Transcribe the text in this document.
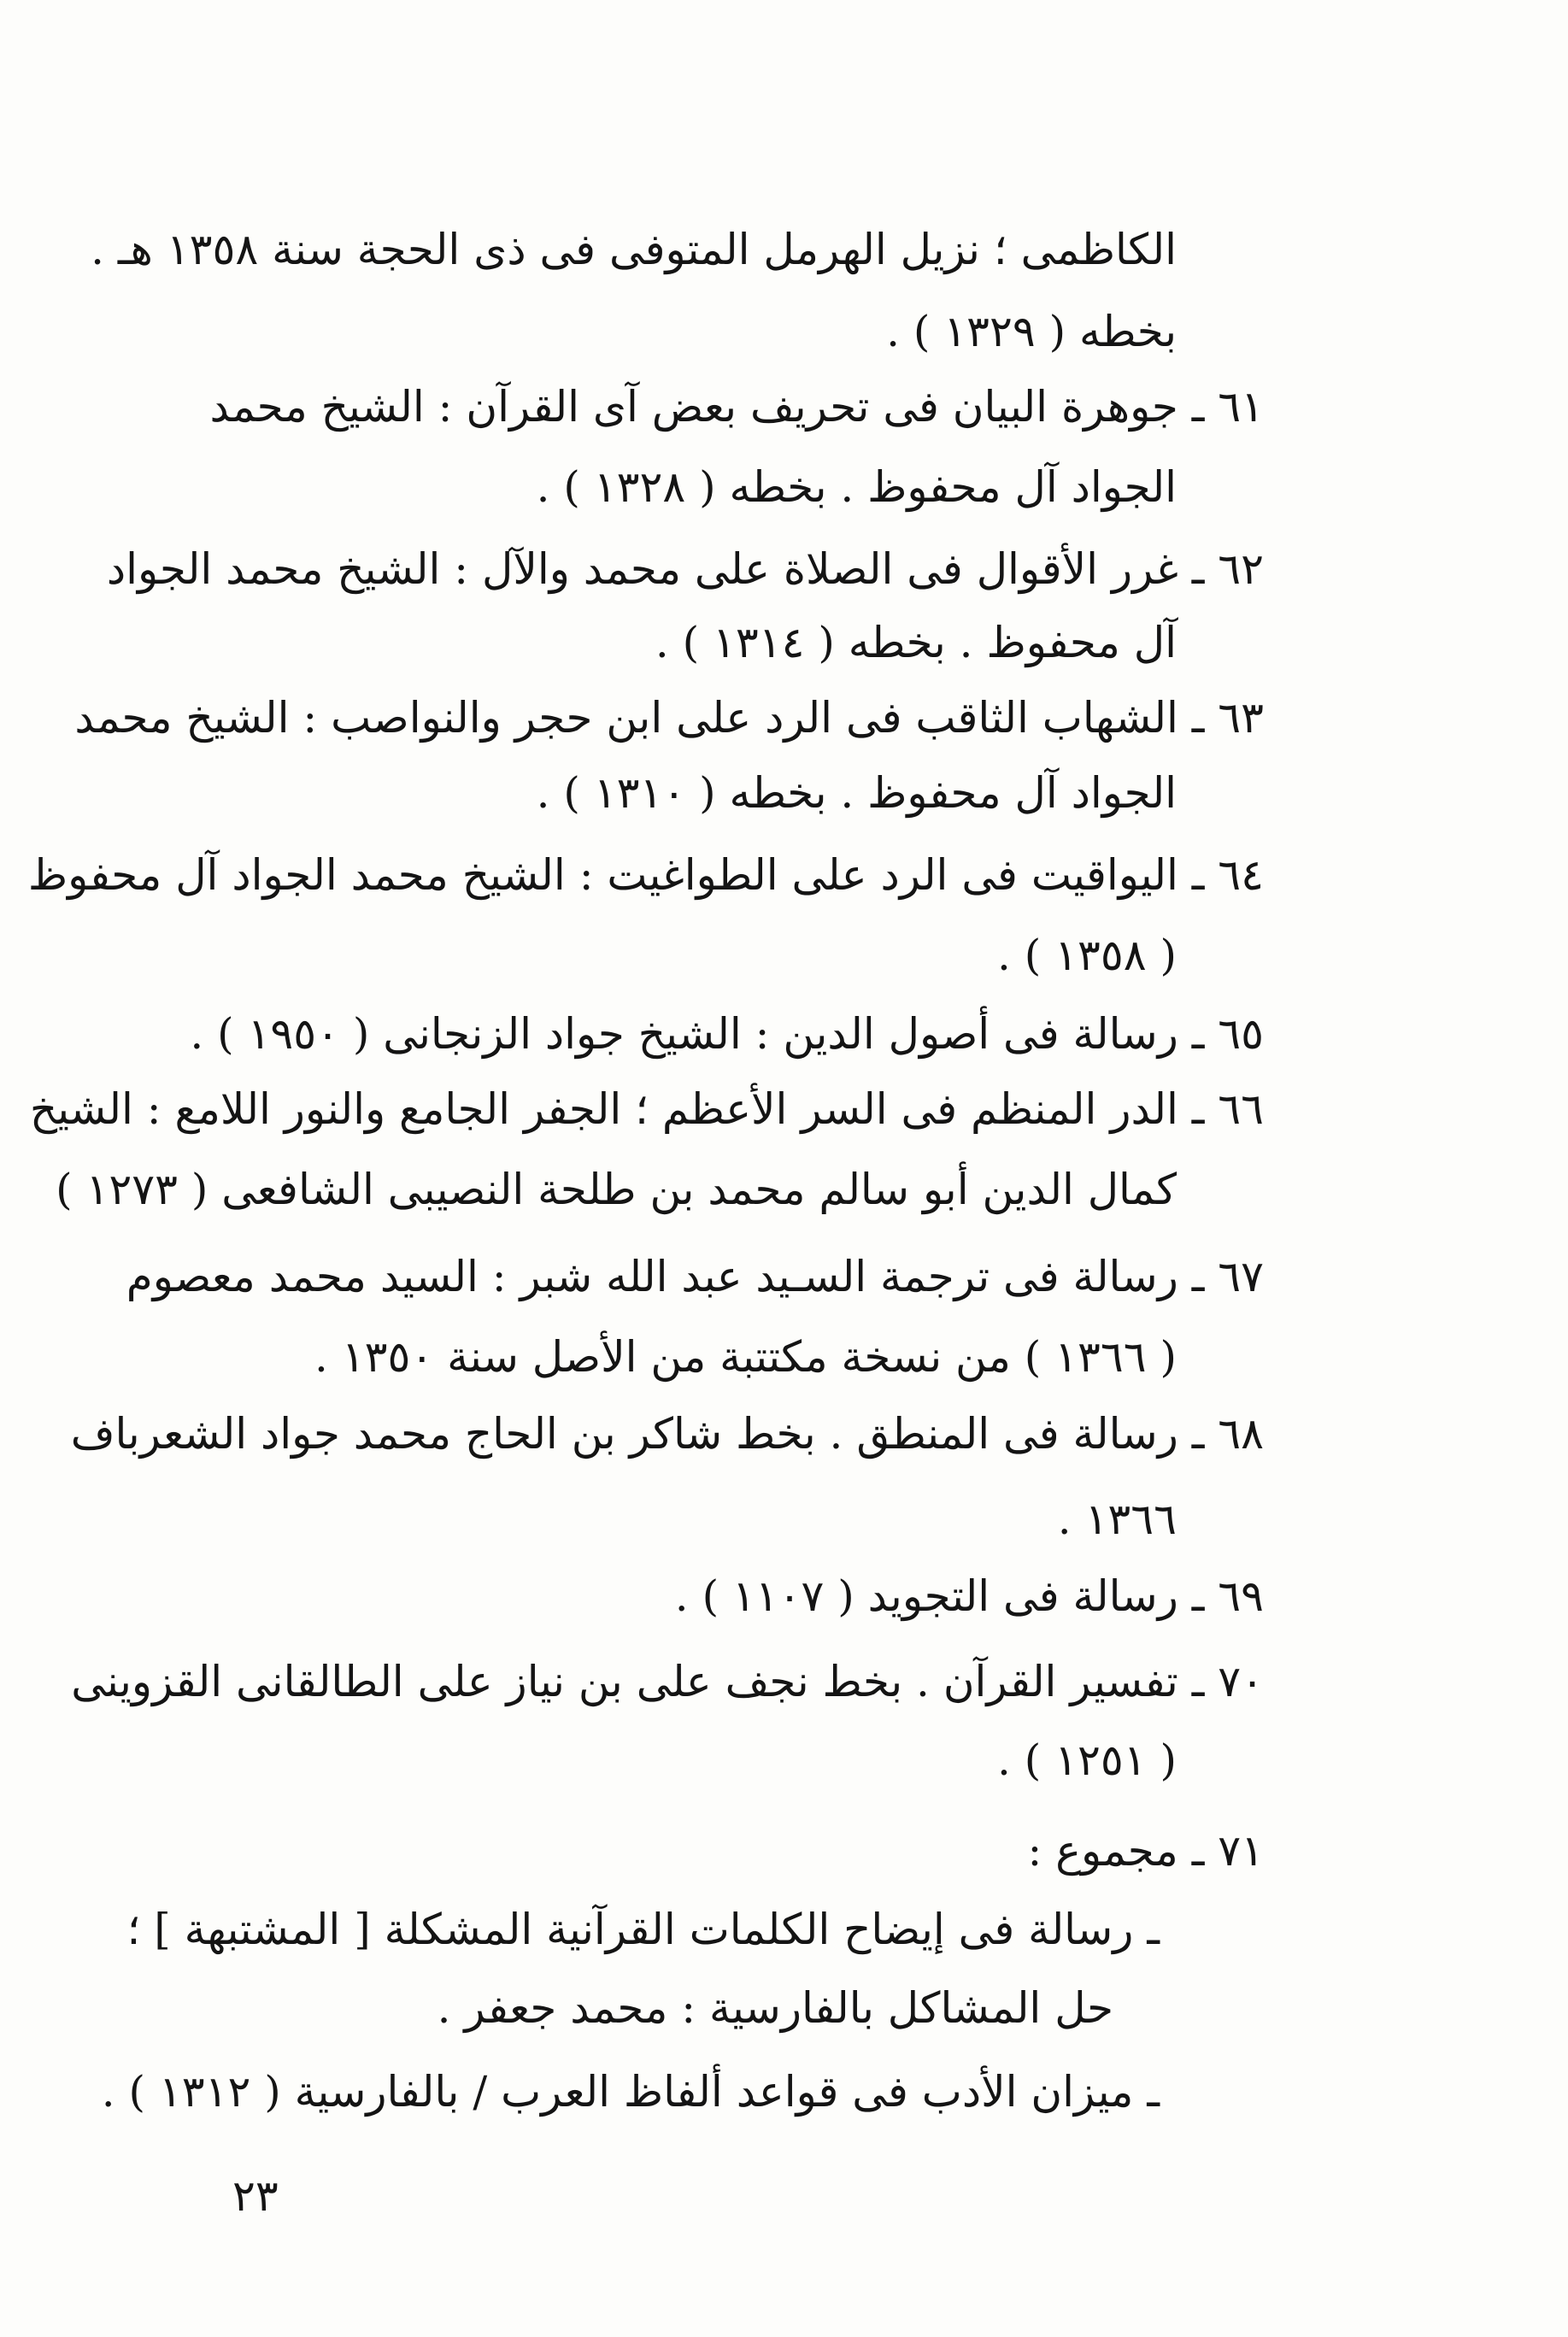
الكاظمى ؛ نزيل الهرمل المتوفى فى ذى الحجة سنة ١٣٥٨ هـ .
بخطه ( ١٣٢٩ ) .
٦١ ـ جوهرة البيان فى تحريف بعض آى القرآن : الشيخ محمد
الجواد آل محفوظ . بخطه ( ١٣٢٨ ) .
٦٢ ـ غرر الأقوال فى الصلاة على محمد والآل : الشيخ محمد الجواد
آل محفوظ . بخطه ( ١٣١٤ ) .
٦٣ ـ الشهاب الثاقب فى الرد على ابن حجر والنواصب : الشيخ محمد
الجواد آل محفوظ . بخطه ( ١٣١٠ ) .
٦٤ ـ اليواقيت فى الرد على الطواغيت : الشيخ محمد الجواد آل محفوظ
( ١٣٥٨ ) .
٦٥ ـ رسالة فى أصول الدين : الشيخ جواد الزنجانى ( ١٩٥٠ ) .
٦٦ ـ الدر المنظم فى السر الأعظم ؛ الجفر الجامع والنور اللامع : الشيخ
كمال الدين أبو سالم محمد بن طلحة النصيبى الشافعى ( ١٢٧٣ )
٦٧ ـ رسالة فى ترجمة السـيد عبد الله شبر : السيد محمد معصوم
( ١٣٦٦ ) من نسخة مكتتبة من الأصل سنة ١٣٥٠ .
٦٨ ـ رسالة فى المنطق . بخط شاكر بن الحاج محمد جواد الشعرباف
١٣٦٦ .
٦٩ ـ رسالة فى التجويد ( ١١٠٧ ) .
٧٠ ـ تفسير القرآن . بخط نجف على بن نياز على الطالقانى القزوينى
( ١٢٥١ ) .
٧١ ـ مجموع :
ـ رسالة فى إيضاح الكلمات القرآنية المشكلة [ المشتبهة ] ؛
حل المشاكل بالفارسية : محمد جعفر .
ـ ميزان الأدب فى قواعد ألفاظ العرب / بالفارسية ( ١٣١٢ ) .
٢٣
